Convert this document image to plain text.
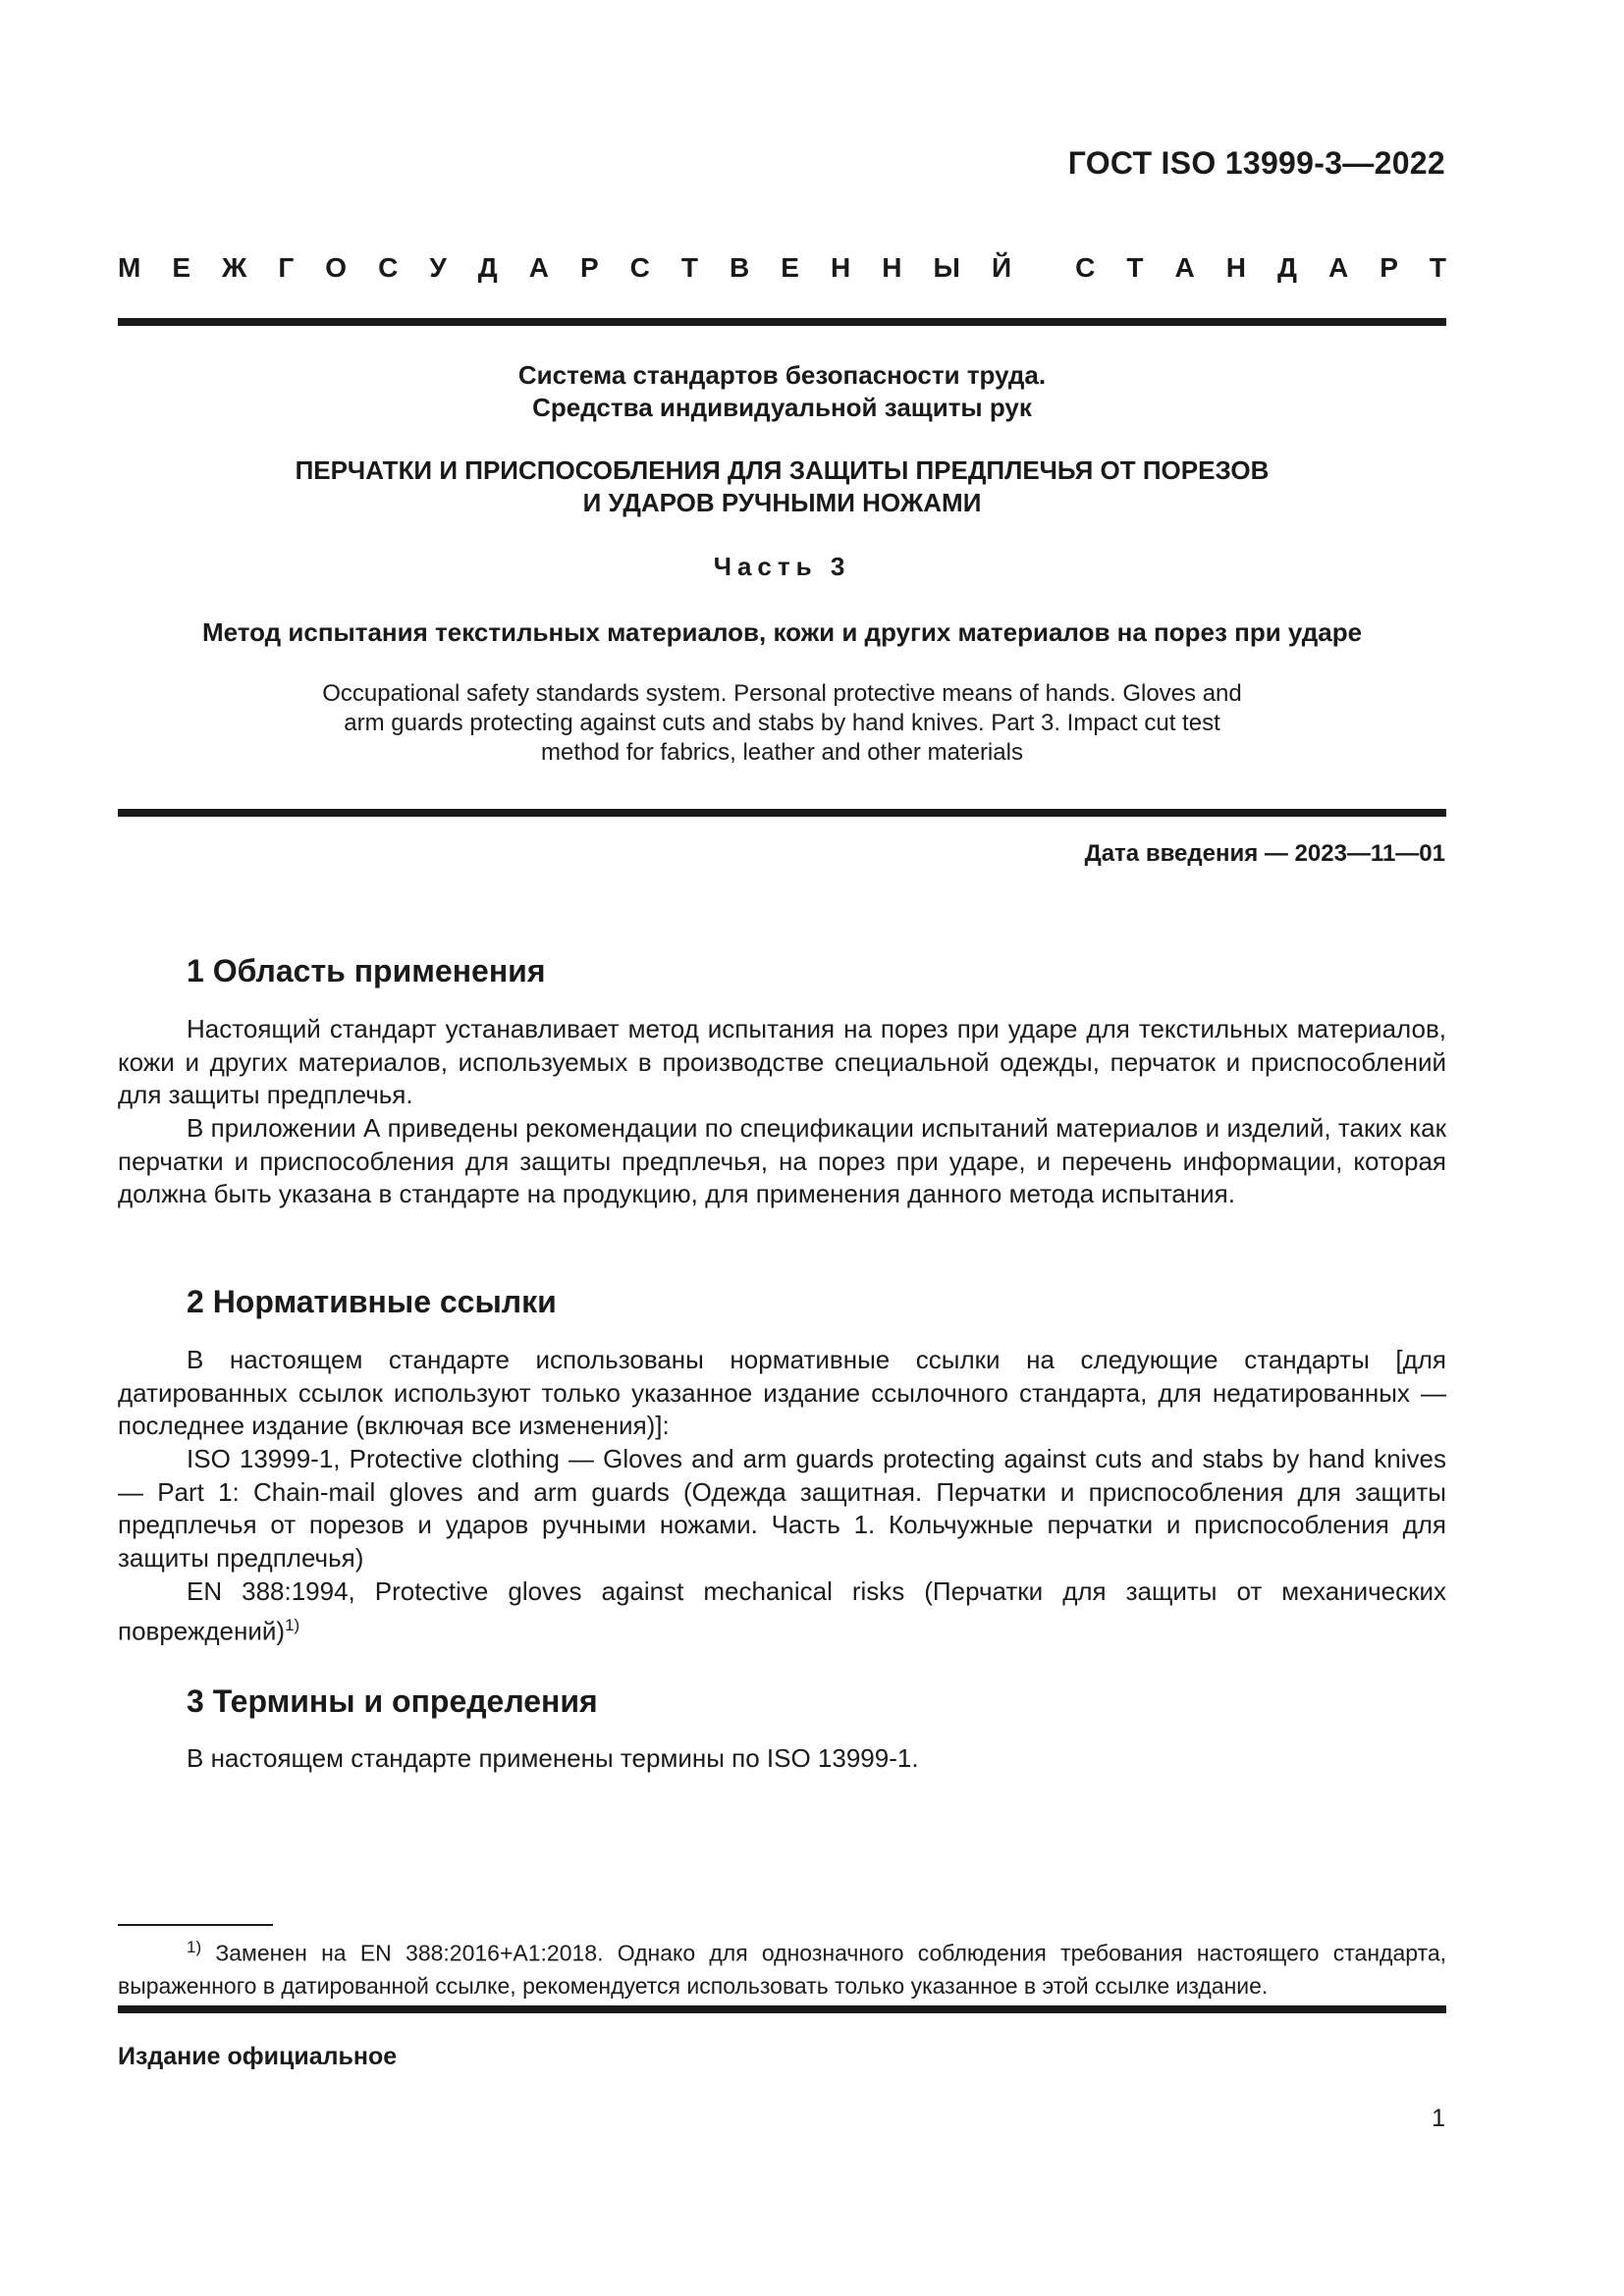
ГОСТ ISO 13999-3—2022
М Е Ж Г О С У Д А Р С Т В Е Н Н Ы Й С Т А Н Д А Р Т
Система стандартов безопасности труда.
Средства индивидуальной защиты рук
ПЕРЧАТКИ И ПРИСПОСОБЛЕНИЯ ДЛЯ ЗАЩИТЫ ПРЕДПЛЕЧЬЯ ОТ ПОРЕЗОВ
И УДАРОВ РУЧНЫМИ НОЖАМИ
Часть 3
Метод испытания текстильных материалов, кожи и других материалов на порез при ударе
Occupational safety standards system. Personal protective means of hands. Gloves and
arm guards protecting against cuts and stabs by hand knives. Part 3. Impact cut test
method for fabrics, leather and other materials
Дата введения — 2023—11—01
1 Область применения
Настоящий стандарт устанавливает метод испытания на порез при ударе для текстильных материалов, кожи и других материалов, используемых в производстве специальной одежды, перчаток и приспособлений для защиты предплечья.
В приложении А приведены рекомендации по спецификации испытаний материалов и изделий, таких как перчатки и приспособления для защиты предплечья, на порез при ударе, и перечень информации, которая должна быть указана в стандарте на продукцию, для применения данного метода испытания.
2 Нормативные ссылки
В настоящем стандарте использованы нормативные ссылки на следующие стандарты [для датированных ссылок используют только указанное издание ссылочного стандарта, для недатированных — последнее издание (включая все изменения)]:
ISO 13999-1, Protective clothing — Gloves and arm guards protecting against cuts and stabs by hand knives — Part 1: Chain-mail gloves and arm guards (Одежда защитная. Перчатки и приспособления для защиты предплечья от порезов и ударов ручными ножами. Часть 1. Кольчужные перчатки и приспособления для защиты предплечья)
EN 388:1994, Protective gloves against mechanical risks (Перчатки для защиты от механических повреждений)$^{1)}$
3 Термины и определения
В настоящем стандарте применены термины по ISO 13999-1.
$^{1)}$ Заменен на EN 388:2016+A1:2018. Однако для однозначного соблюдения требования настоящего стандарта, выраженного в датированной ссылке, рекомендуется использовать только указанное в этой ссылке издание.
Издание официальное
1
